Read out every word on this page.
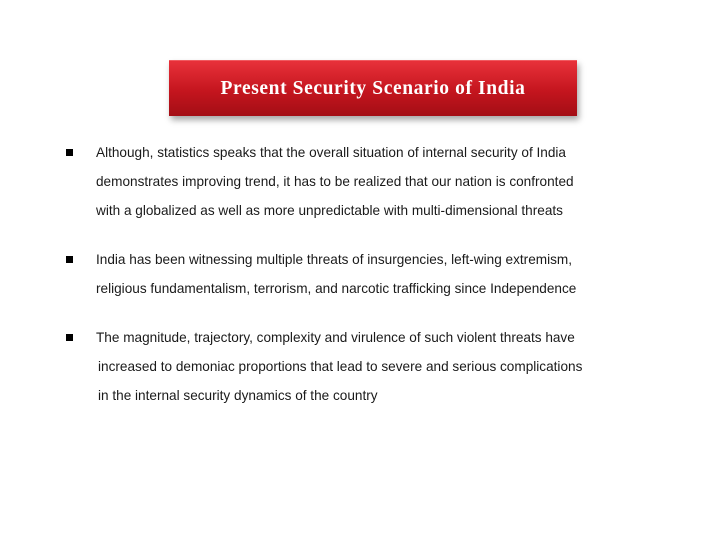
Present Security Scenario of India
Although, statistics speaks that the overall situation of internal security of India
demonstrates improving trend, it has to be realized that our nation is confronted
with a globalized as well as more unpredictable with multi-dimensional threats
India has been witnessing multiple threats of insurgencies, left-wing extremism,
religious fundamentalism, terrorism, and narcotic trafficking since Independence
The magnitude, trajectory, complexity and virulence of such violent threats have
increased to demoniac proportions that lead to severe and serious complications
in the internal security dynamics of the country
